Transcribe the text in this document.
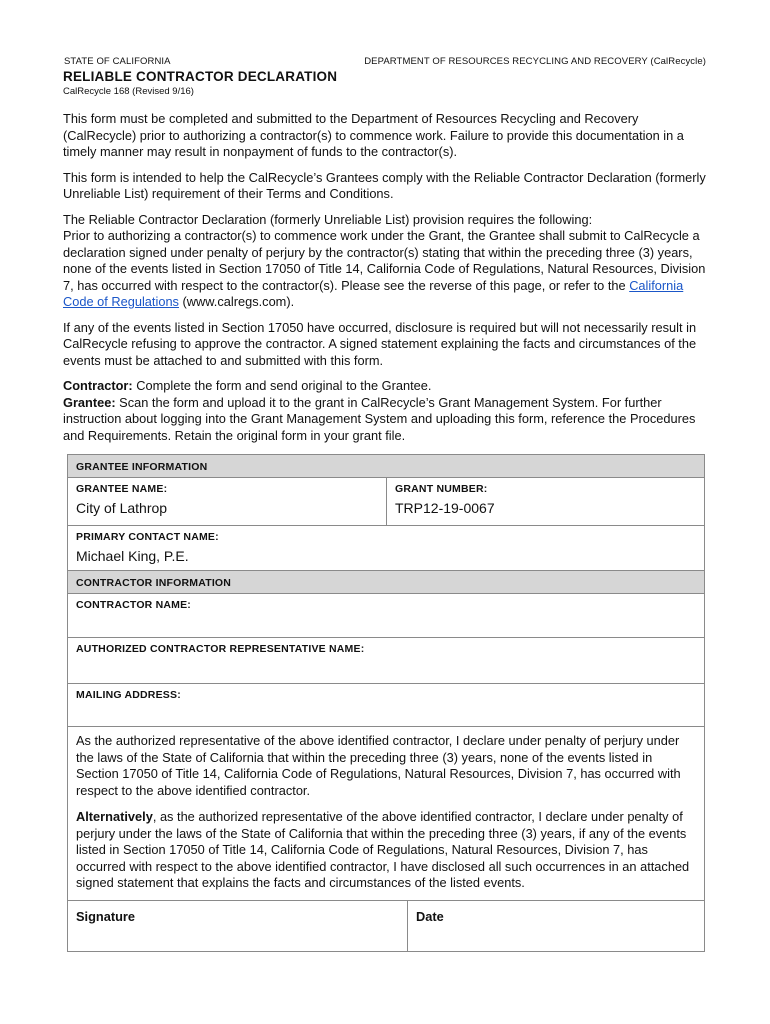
STATE OF CALIFORNIA	DEPARTMENT OF RESOURCES RECYCLING AND RECOVERY (CalRecycle)
RELIABLE CONTRACTOR DECLARATION
CalRecycle 168 (Revised 9/16)
This form must be completed and submitted to the Department of Resources Recycling and Recovery (CalRecycle) prior to authorizing a contractor(s) to commence work. Failure to provide this documentation in a timely manner may result in nonpayment of funds to the contractor(s).
This form is intended to help the CalRecycle’s Grantees comply with the Reliable Contractor Declaration (formerly Unreliable List) requirement of their Terms and Conditions.

The Reliable Contractor Declaration (formerly Unreliable List) provision requires the following:

Prior to authorizing a contractor(s) to commence work under the Grant, the Grantee shall submit to CalRecycle a declaration signed under penalty of perjury by the contractor(s) stating that within the preceding three (3) years, none of the events listed in Section 17050 of Title 14, California Code of Regulations, Natural Resources, Division 7, has occurred with respect to the contractor(s). Please see the reverse of this page, or refer to the California Code of Regulations (www.calregs.com).

If any of the events listed in Section 17050 have occurred, disclosure is required but will not necessarily result in CalRecycle refusing to approve the contractor. A signed statement explaining the facts and circumstances of the events must be attached to and submitted with this form.

Contractor: Complete the form and send original to the Grantee.

Grantee: Scan the form and upload it to the grant in CalRecycle’s Grant Management System. For further instruction about logging into the Grant Management System and uploading this form, reference the Procedures and Requirements. Retain the original form in your grant file.

GRANTEE INFORMATION
GRANTEE NAME:
City of Lathrop
GRANT NUMBER:
TRP12-19-0067
PRIMARY CONTACT NAME:
Michael King, P.E.
CONTRACTOR INFORMATION
CONTRACTOR NAME:
AUTHORIZED CONTRACTOR REPRESENTATIVE NAME:
MAILING ADDRESS:

As the authorized representative of the above identified contractor, I declare under penalty of perjury under the laws of the State of California that within the preceding three (3) years, none of the events listed in Section 17050 of Title 14, California Code of Regulations, Natural Resources, Division 7, has occurred with respect to the above identified contractor.

Alternatively, as the authorized representative of the above identified contractor, I declare under penalty of perjury under the laws of the State of California that within the preceding three (3) years, if any of the events listed in Section 17050 of Title 14, California Code of Regulations, Natural Resources, Division 7, has occurred with respect to the above identified contractor, I have disclosed all such occurrences in an attached signed statement that explains the facts and circumstances of the listed events.

Signature	Date
